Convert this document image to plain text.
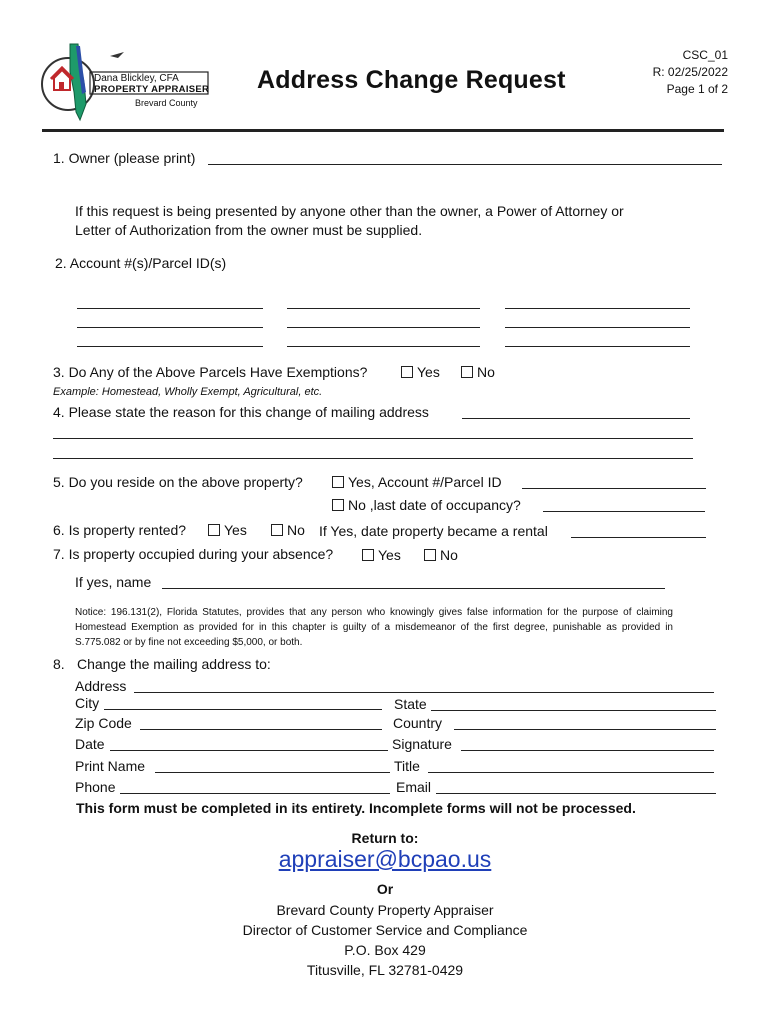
Dana Blickley, CFA
PROPERTY APPRAISER
Brevard County
Address Change Request
CSC_01
R: 02/25/2022
Page 1 of 2
1. Owner (please print)
If this request is being presented by anyone other than the owner, a Power of Attorney or
Letter of Authorization from the owner must be supplied.
2. Account #(s)/Parcel ID(s)
3. Do Any of the Above Parcels Have Exemptions?	Yes	No
Example: Homestead, Wholly Exempt, Agricultural, etc.
4. Please state the reason for this change of mailing address
5. Do you reside on the above property?	Yes, Account #/Parcel ID
No ,last date of occupancy?
6. Is property rented?	Yes	No If Yes, date property became a rental
7. Is property occupied during your absence?	Yes	No
If yes, name
Notice: 196.131(2), Florida Statutes, provides that any person who knowingly gives false information for the purpose of claiming Homestead Exemption as provided for in this chapter is guilty of a misdemeanor of the first degree, punishable as provided in S.775.082 or by fine not exceeding $5,000, or both.
8. Change the mailing address to:
Address
City	State
Zip Code	Country
Date	Signature
Print Name	Title
Phone	Email
This form must be completed in its entirety. Incomplete forms will not be processed.
Return to:
appraiser@bcpao.us
Or
Brevard County Property Appraiser
Director of Customer Service and Compliance
P.O. Box 429
Titusville, FL 32781-0429
